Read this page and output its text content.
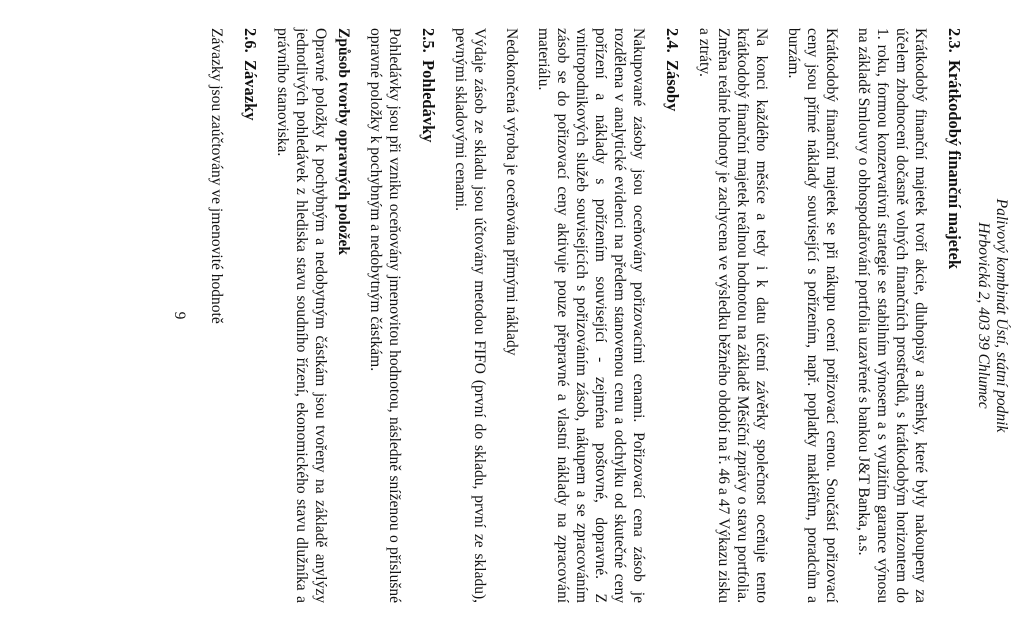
Palivový kombinát Ústí, státní podnik
Hrbovická 2, 403 39 Chlumec
2.3.Krátkodobý finanční majetek

Krátkodobý finanční majetek tvoří akcie, dluhopisy a směnky, které byly nakoupeny za účelem zhodnocení dočasně volných finančních prostředků, s krátkodobým horizontem do 1. roku, formou konzervativní strategie se stabilním výnosem a s využitím garance výnosu na základě Smlouvy o obhospodařování portfolia uzavřené s bankou J&T Banka, a.s.

Krátkodobý finanční majetek se při nákupu ocení pořizovací cenou. Součástí pořizovací ceny jsou přímé náklady související s pořízením, např. poplatky makléřům, poradcům a burzám.

Na konci každého měsíce a tedy i k datu účetní závěrky společnost oceňuje tento krátkodobý finanční majetek reálnou hodnotou na základě Měsíční zprávy o stavu portfolia. Změna reálné hodnoty je zachycena ve výsledku běžného období na ř. 46 a 47 Výkazu zisku a ztráty.

2.4.Zásoby

Nakupované zásoby jsou oceňovány pořizovacími cenami. Pořizovací cena zásob je rozdělena v analytické evidenci na předem stanovenou cenu a odchylku od skutečné ceny pořízení a náklady s pořízením související - zejména poštovné, dopravné. Z vnitropodnikových služeb souvisejících s pořizováním zásob, nákupem a se zpracováním zásob se do pořizovací ceny aktivuje pouze přepravné a vlastní náklady na zpracování materiálu.

Nedokončená výroba je oceňována přímými náklady

Výdaje zásob ze skladu jsou účtovány metodou FIFO (první do skladu, první ze skladu), pevnými skladovými cenami.

2.5.Pohledávky

Pohledávky jsou při vzniku oceňovány jmenovitou hodnotou, následně sníženou o příslušné opravné položky k pochybným a nedobytným částkám.

Způsob tvorby opravných položek

Opravné položky k pochybným a nedobytným částkám jsou tvořeny na základě anylýzy jednotlivých pohledávek z hlediska stavu soudního řízení, ekonomického stavu dlužníka a právního stanoviska.

2.6.Závazky

Závazky jsou zaúčtovány ve jmenovité hodnotě

9
